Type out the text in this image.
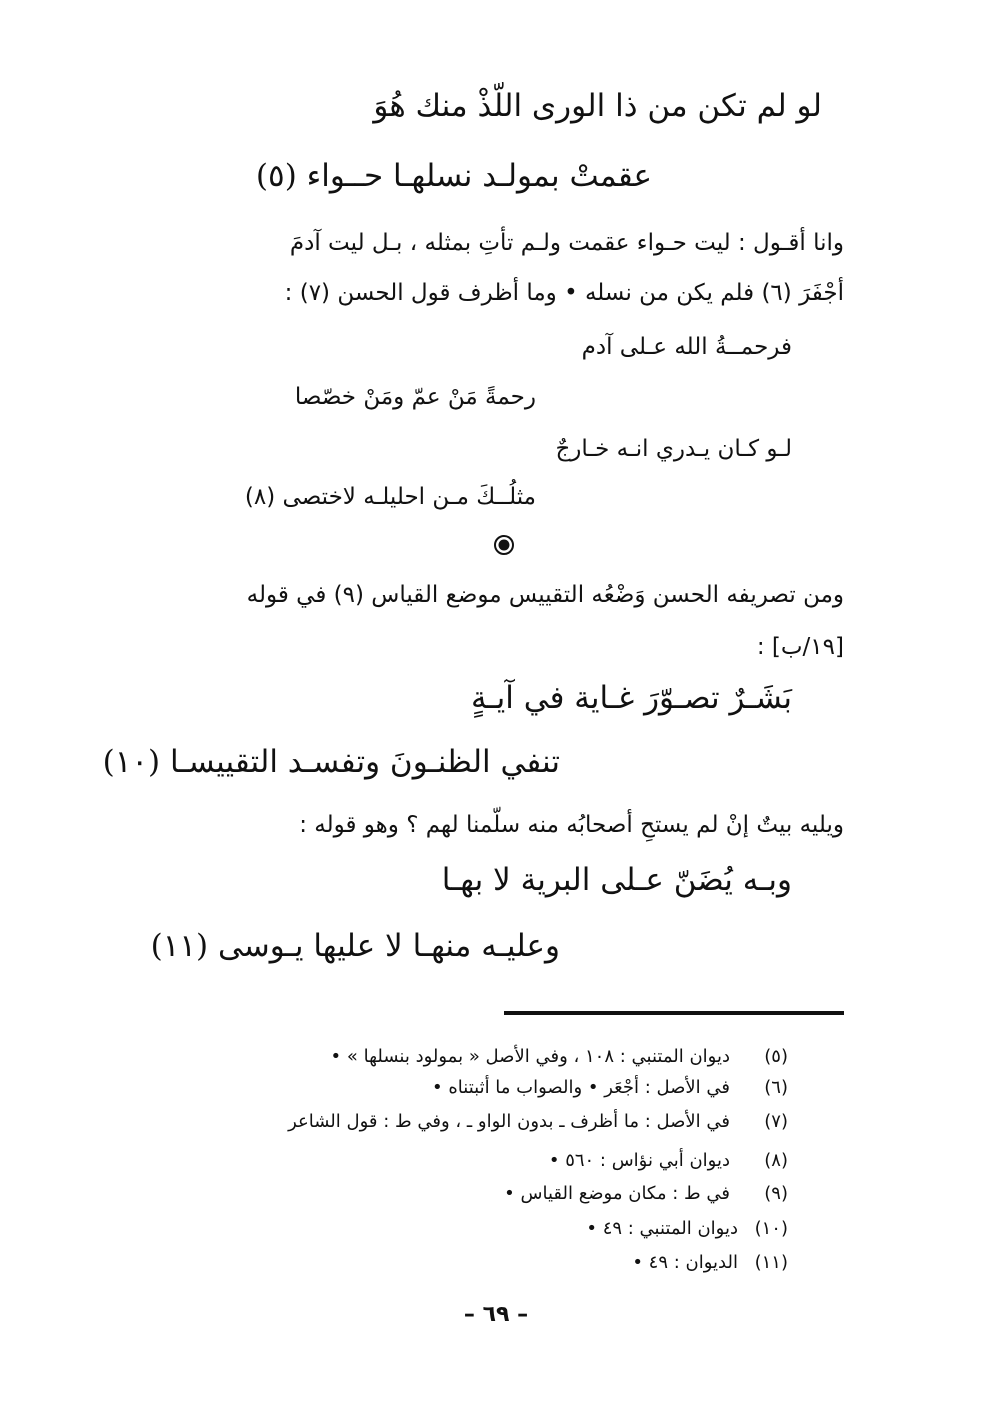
لو لم تكن من ذا الورى اللّذْ منك هُوَ
عقمتْ بمولـد نسلهـا حــواء (٥)
وانا أقـول : ليت حـواء عقمت ولـم تأتِ بمثله ، بـل ليت آدمَ
أجْفَرَ (٦) فلم يكن من نسله • وما أظرف قول الحسن (٧) :
فرحمــةُ الله عـلى آدم
رحمةً مَنْ عمّ ومَنْ خصّصا
لـو كـان يـدري انـه خـارجٌ
مثلُــكَ مـن احليلـه لاختصى (٨)
ومن تصريفه الحسن وَضْعُه التقييس موضع القياس (٩) في قوله
[١٩/ب] :
بَشَـرٌ تصـوّرَ غـاية في آيـةٍ
تنفي الظنـونَ وتفسـد التقييسـا (١٠)
ويليه بيتٌ إنْ لم يستحِ أصحابُه منه سلّمنا لهم ؟ وهو قوله :
وبـه يُضَنّ عـلى البرية لا بهـا
وعليـه منهـا لا عليها يـوسى (١١)
(٥)
ديوان المتنبي : ١٠٨ ، وفي الأصل « بمولود بنسلها » •
(٦)
في الأصل : أجْعَر • والصواب ما أثبتناه •
(٧)
في الأصل : ما أظرف ـ بدون الواو ـ ، وفي ط : قول الشاعر
(٨)
ديوان أبي نؤاس : ٥٦٠ •
(٩)
في ط : مكان موضع القياس •
(١٠)
ديوان المتنبي : ٤٩ •
(١١)
الديوان : ٤٩ •
– ٦٩ –
